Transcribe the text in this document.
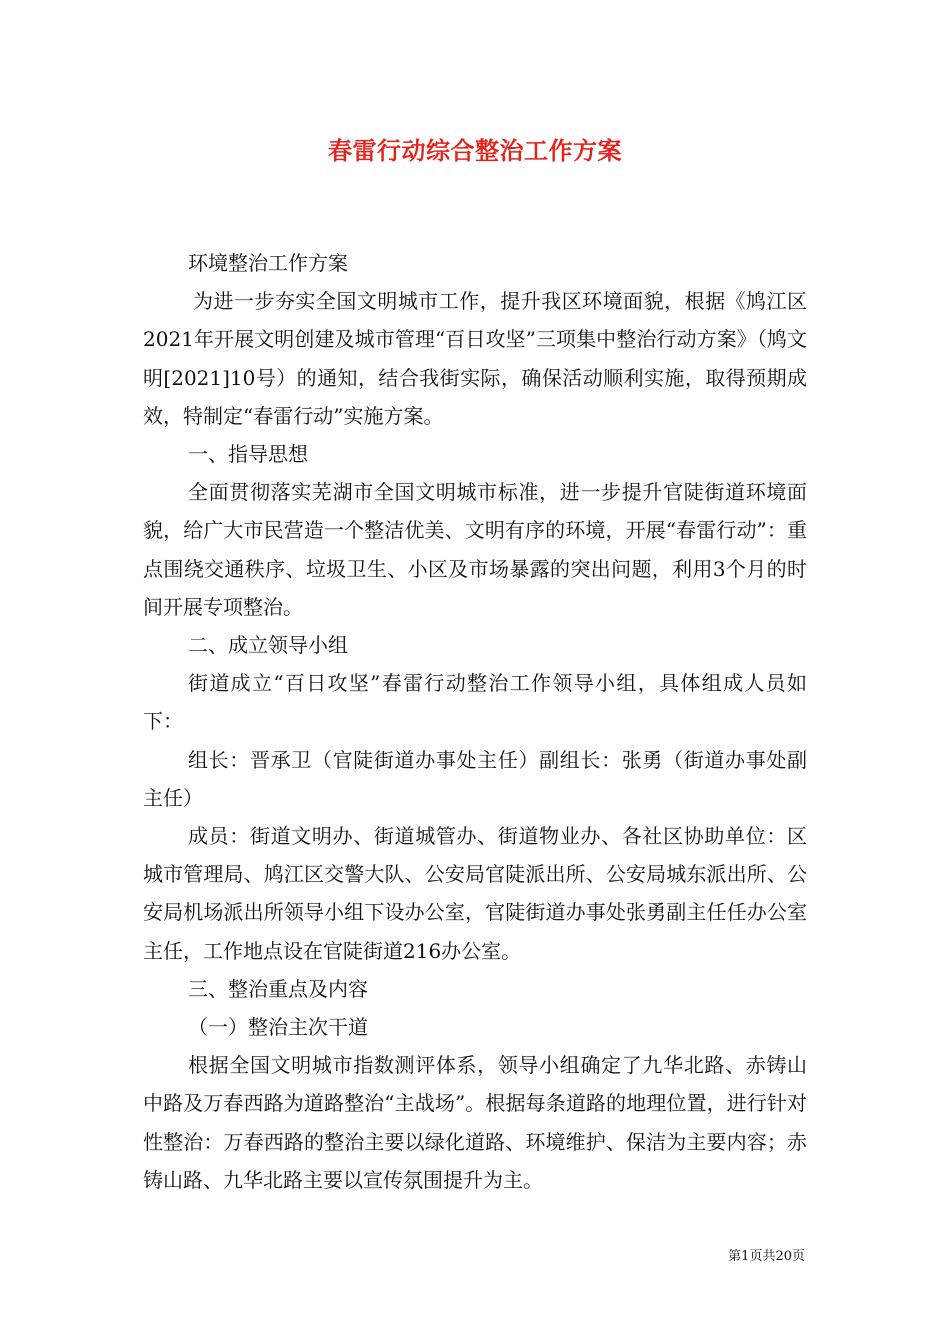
春雷行动综合整治工作方案

环境整治工作方案

为进一步夯实全国文明城市工作，提升我区环境面貌，根据《鸠江区2021年开展文明创建及城市管理“百日攻坚”三项集中整治行动方案》（鸠文明[2021]10号）的通知，结合我街实际，确保活动顺利实施，取得预期成效，特制定“春雷行动”实施方案。

一、指导思想

全面贯彻落实芜湖市全国文明城市标准，进一步提升官陡街道环境面貌，给广大市民营造一个整洁优美、文明有序的环境，开展“春雷行动”：重点围绕交通秩序、垃圾卫生、小区及市场暴露的突出问题，利用3个月的时间开展专项整治。

二、成立领导小组

街道成立“百日攻坚”春雷行动整治工作领导小组，具体组成人员如下：

组长：晋承卫（官陡街道办事处主任）副组长：张勇（街道办事处副主任）

成员：街道文明办、街道城管办、街道物业办、各社区协助单位：区城市管理局、鸠江区交警大队、公安局官陡派出所、公安局城东派出所、公安局机场派出所领导小组下设办公室，官陡街道办事处张勇副主任任办公室主任，工作地点设在官陡街道216办公室。

三、整治重点及内容

（一）整治主次干道

根据全国文明城市指数测评体系，领导小组确定了九华北路、赤铸山中路及万春西路为道路整治“主战场”。根据每条道路的地理位置，进行针对性整治：万春西路的整治主要以绿化道路、环境维护、保洁为主要内容；赤铸山路、九华北路主要以宣传氛围提升为主。

第1页共20页
